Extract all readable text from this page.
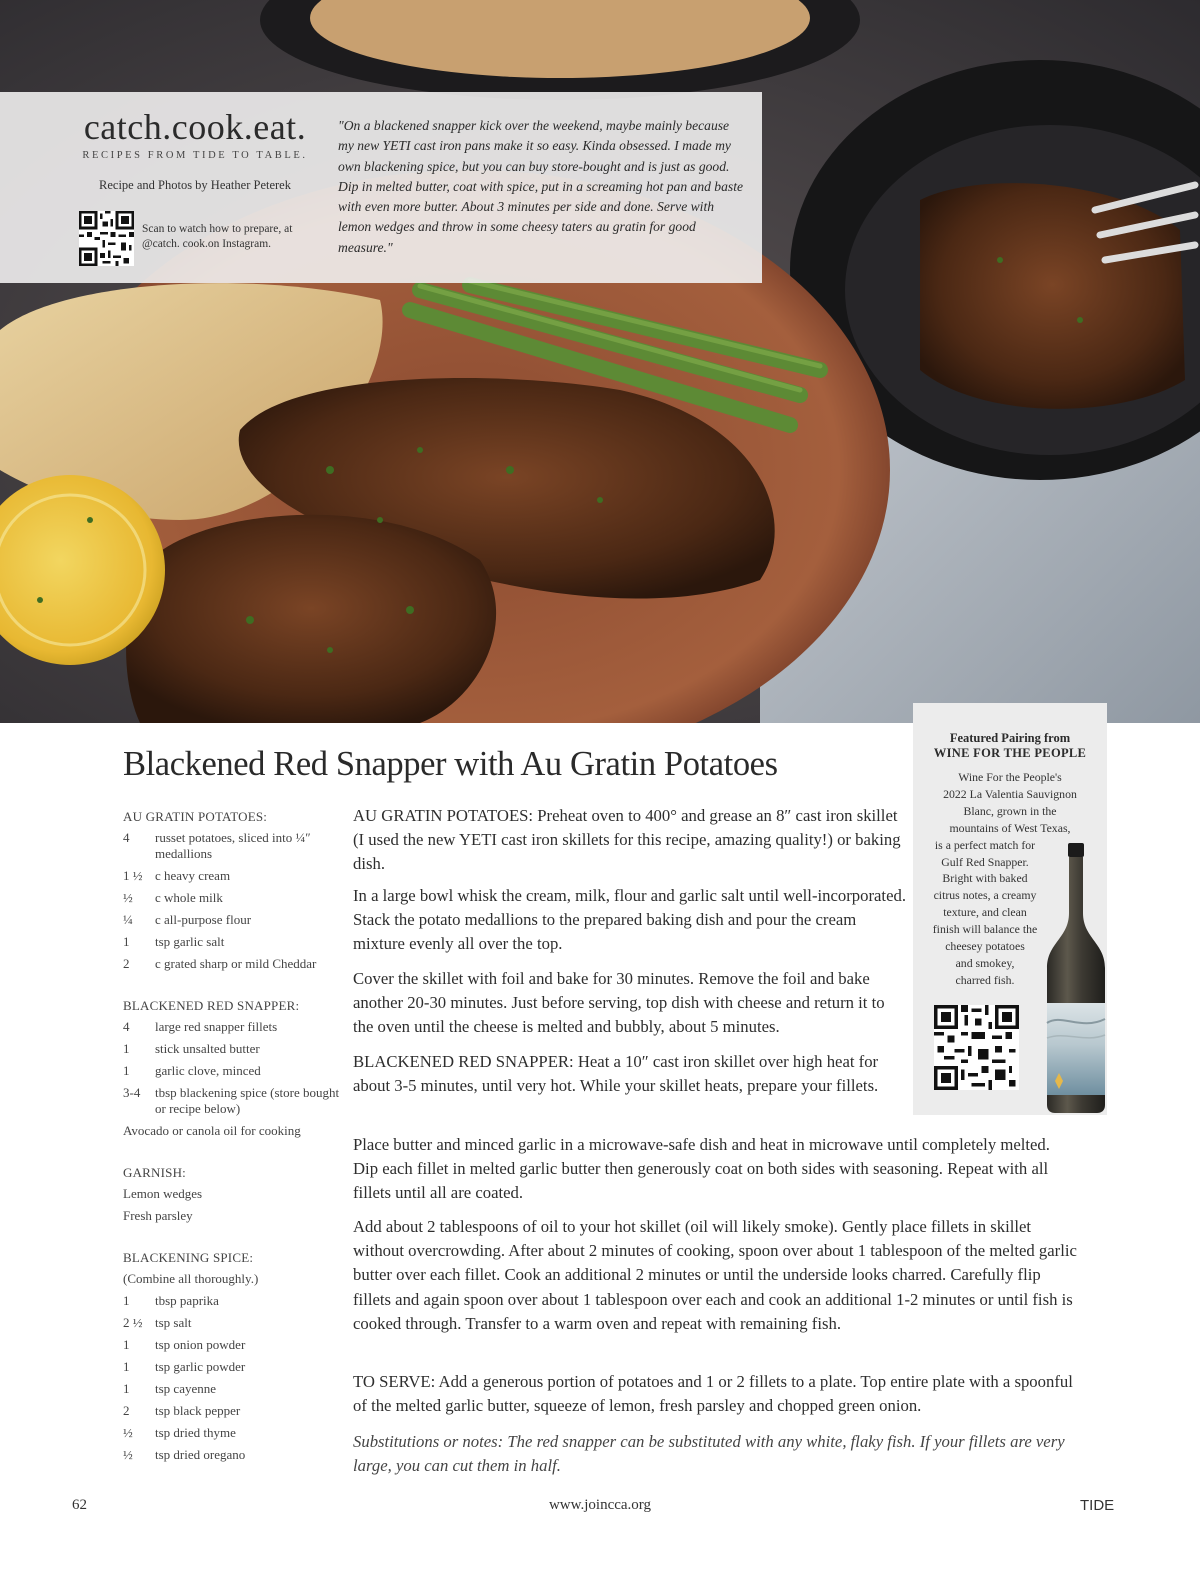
catch.cook.eat.
RECIPES FROM TIDE TO TABLE.
Recipe and Photos by Heather Peterek
Scan to watch how to prepare, at @catch. cook.on Instagram.
"On a blackened snapper kick over the weekend, maybe mainly because my new YETI cast iron pans make it so easy. Kinda obsessed. I made my own blackening spice, but you can buy store-bought and is just as good. Dip in melted butter, coat with spice, put in a screaming hot pan and baste with even more butter. About 3 minutes per side and done. Serve with lemon wedges and throw in some cheesy taters au gratin for good measure."
Blackened Red Snapper with Au Gratin Potatoes
AU GRATIN POTATOES:
4	russet potatoes, sliced into ¼″ medallions
1 ½ c heavy cream
½	c whole milk
¼	c all-purpose flour
1	tsp garlic salt
2	c grated sharp or mild Cheddar
BLACKENED RED SNAPPER:
4	large red snapper fillets
1	stick unsalted butter
1	garlic clove, minced
3-4	tbsp blackening spice (store bought or recipe below)
Avocado or canola oil for cooking
GARNISH:
Lemon wedges
Fresh parsley
BLACKENING SPICE:
(Combine all thoroughly.)
1	tbsp paprika
2 ½ tsp salt
1	tsp onion powder
1	tsp garlic powder
1	tsp cayenne
2	tsp black pepper
½	tsp dried thyme
½	tsp dried oregano
AU GRATIN POTATOES: Preheat oven to 400° and grease an 8″ cast iron skillet (I used the new YETI cast iron skillets for this recipe, amazing quality!) or baking dish.
In a large bowl whisk the cream, milk, flour and garlic salt until well-incorporated. Stack the potato medallions to the prepared baking dish and pour the cream mixture evenly all over the top.
Cover the skillet with foil and bake for 30 minutes. Remove the foil and bake another 20-30 minutes. Just before serving, top dish with cheese and return it to the oven until the cheese is melted and bubbly, about 5 minutes.
BLACKENED RED SNAPPER: Heat a 10″ cast iron skillet over high heat for about 3-5 minutes, until very hot. While your skillet heats, prepare your fillets.
Place butter and minced garlic in a microwave-safe dish and heat in microwave until completely melted. Dip each fillet in melted garlic butter then generously coat on both sides with seasoning. Repeat with all fillets until all are coated.
Add about 2 tablespoons of oil to your hot skillet (oil will likely smoke). Gently place fillets in skillet without overcrowding. After about 2 minutes of cooking, spoon over about 1 tablespoon of the melted garlic butter over each fillet. Cook an additional 2 minutes or until the underside looks charred. Carefully flip fillets and again spoon over about 1 tablespoon over each and cook an additional 1-2 minutes or until fish is cooked through. Transfer to a warm oven and repeat with remaining fish.
TO SERVE: Add a generous portion of potatoes and 1 or 2 fillets to a plate. Top entire plate with a spoonful of the melted garlic butter, squeeze of lemon, fresh parsley and chopped green onion.
Substitutions or notes: The red snapper can be substituted with any white, flaky fish. If your fillets are very large, you can cut them in half.
Featured Pairing from
WINE FOR THE PEOPLE
Wine For the People's
2022 La Valentia Sauvignon
Blanc, grown in the
mountains of West Texas,
is a perfect match for
Gulf Red Snapper.
Bright with baked
citrus notes, a creamy
texture, and clean
finish will balance the
cheesey potatoes
and smokey,
charred fish.
62	www.joincca.org	TIDE
